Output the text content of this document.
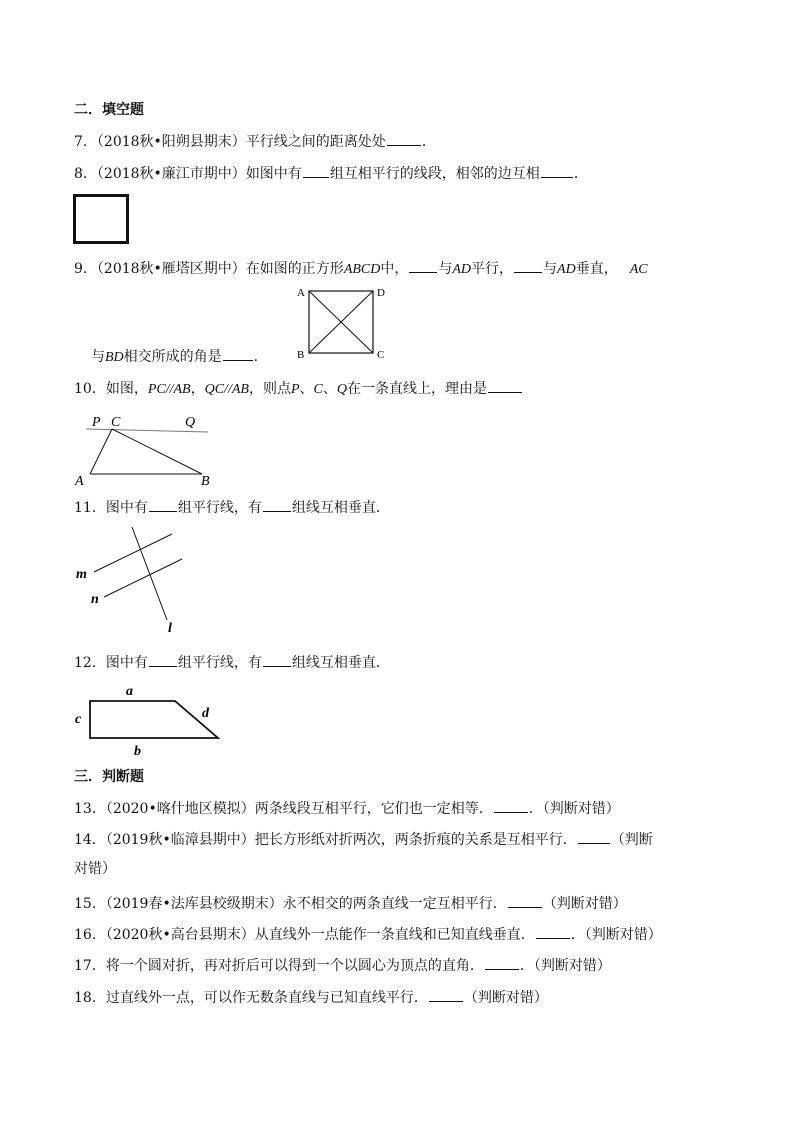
二．填空题
7．（2018秋•阳朔县期末）平行线之间的距离处处	．
8．（2018秋•廉江市期中）如图中有 组互相平行的线段，相邻的边互相 ．
9．（2018秋•雁塔区期中）在如图的正方形ABCD中， 与AD平行， 与AD垂直， AC
A	D
B	C
与BD相交所成的角是 ．
10．如图，PC//AB，QC//AB，则点P、C、Q在一条直线上，理由是
P C	Q
A	B
11．图中有 组平行线，有 组线互相垂直．
m
n
l
12．图中有 组平行线，有 组线互相垂直．
a
c	d
b
三．判断题
13．（2020•喀什地区模拟）两条线段互相平行，它们也一定相等．	．（判断对错）
14．（2019秋•临漳县期中）把长方形纸对折两次，两条折痕的关系是互相平行． （判断
对错）
15．（2019春•法库县校级期末）永不相交的两条直线一定互相平行．	（判断对错）
16．（2020秋•高台县期末）从直线外一点能作一条直线和已知直线垂直．	．（判断对错）
17．将一个圆对折，再对折后可以得到一个以圆心为顶点的直角．	．（判断对错）
18．过直线外一点，可以作无数条直线与已知直线平行．	（判断对错）
